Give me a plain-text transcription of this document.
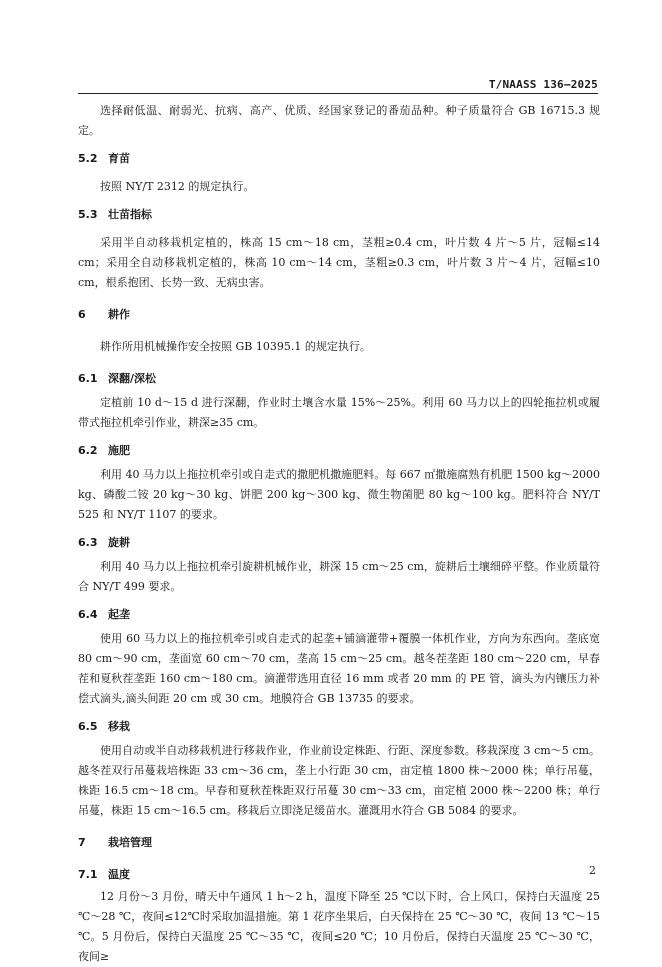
T/NAASS 136—2025

选择耐低温、耐弱光、抗病、高产、优质、经国家登记的番茄品种。种子质量符合 GB 16715.3 规定。

5.2 育苗

按照 NY/T 2312 的规定执行。

5.3 壮苗指标

采用半自动移栽机定植的，株高 15 cm～18 cm，茎粗≥0.4 cm，叶片数 4 片～5 片，冠幅≤14 cm；采用全自动移栽机定植的，株高 10 cm～14 cm，茎粗≥0.3 cm，叶片数 3 片～4 片，冠幅≤10 cm，根系抱团、长势一致、无病虫害。

6 耕作

耕作所用机械操作安全按照 GB 10395.1 的规定执行。

6.1 深翻/深松

定植前 10 d～15 d 进行深翻，作业时土壤含水量 15%～25%。利用 60 马力以上的四轮拖拉机或履带式拖拉机牵引作业，耕深≥35 cm。

6.2 施肥

利用 40 马力以上拖拉机牵引或自走式的撒肥机撒施肥料。每 667 ㎡撒施腐熟有机肥 1500 kg～2000 kg、磷酸二铵 20 kg～30 kg、饼肥 200 kg～300 kg、微生物菌肥 80 kg～100 kg。肥料符合 NY/T 525 和 NY/T 1107 的要求。

6.3 旋耕

利用 40 马力以上拖拉机牵引旋耕机械作业，耕深 15 cm～25 cm，旋耕后土壤细碎平整。作业质量符合 NY/T 499 要求。

6.4 起垄

使用 60 马力以上的拖拉机牵引或自走式的起垄+铺滴灌带+覆膜一体机作业，方向为东西向。垄底宽 80 cm～90 cm，垄面宽 60 cm～70 cm，垄高 15 cm～25 cm。越冬茬垄距 180 cm～220 cm，早春茬和夏秋茬垄距 160 cm～180 cm。滴灌带选用直径 16 mm 或者 20 mm 的 PE 管，滴头为内镶压力补偿式滴头,滴头间距 20 cm 或 30 cm。地膜符合 GB 13735 的要求。

6.5 移栽

使用自动或半自动移栽机进行移栽作业，作业前设定株距、行距、深度参数。移栽深度 3 cm～5 cm。越冬茬双行吊蔓栽培株距 33 cm～36 cm，垄上小行距 30 cm，亩定植 1800 株～2000 株；单行吊蔓，株距 16.5 cm～18 cm。早春和夏秋茬株距双行吊蔓 30 cm～33 cm，亩定植 2000 株～2200 株；单行吊蔓，株距 15 cm～16.5 cm。移栽后立即浇足缓苗水。灌溉用水符合 GB 5084 的要求。

7 栽培管理
7.1 温度

12 月份～3 月份，晴天中午通风 1 h～2 h，温度下降至 25 ℃以下时，合上风口，保持白天温度 25 ℃～28 ℃，夜间≤12℃时采取加温措施。第 1 花序坐果后，白天保持在 25 ℃～30 ℃，夜间 13 ℃～15 ℃。5 月份后，保持白天温度 25 ℃～35 ℃，夜间≤20 ℃；10 月份后，保持白天温度 25 ℃～30 ℃，夜间≥

2
